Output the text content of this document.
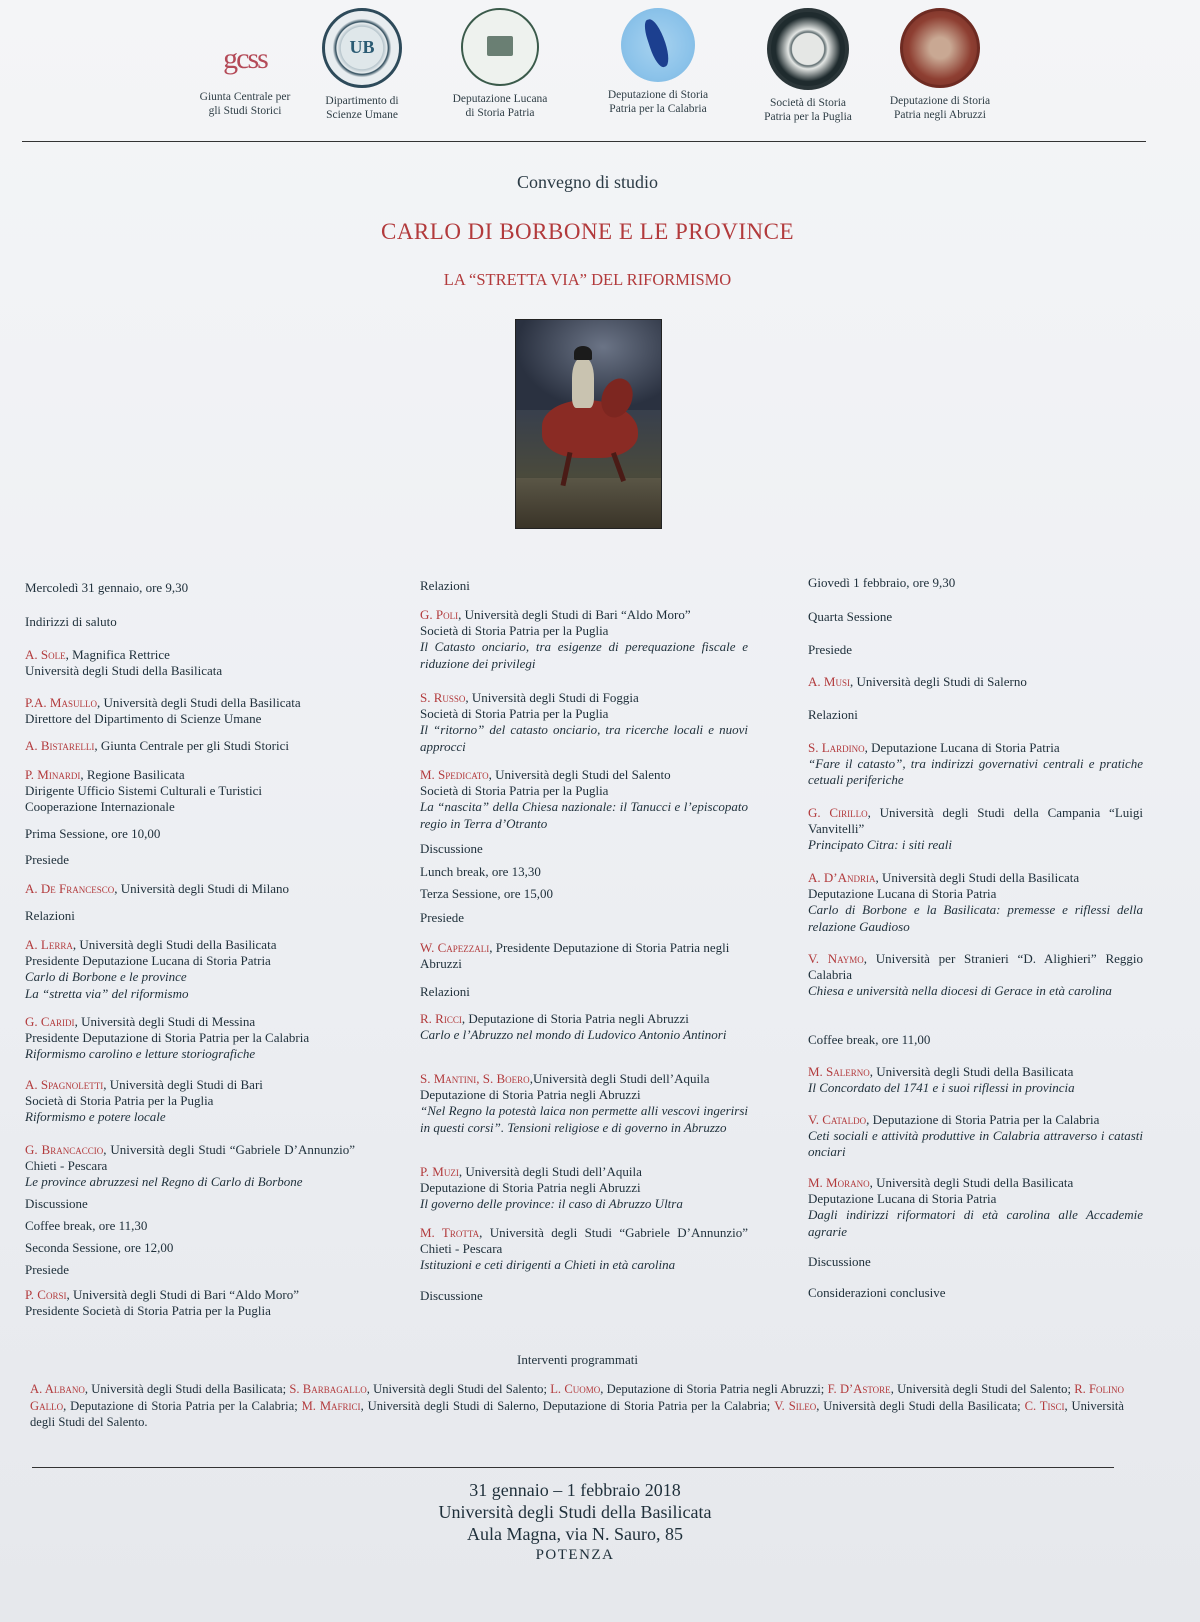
gcss
Giunta Centrale per
gli Studi Storici
UB
Dipartimento di
Scienze Umane
Deputazione Lucana
di Storia Patria
Deputazione di Storia
Patria per la Calabria	Società di Storia
Patria per la Puglia
Deputazione di Storia
Patria negli Abruzzi
Convegno di studio
CARLO DI BORBONE E LE PROVINCE
LA “STRETTA VIA” DEL RIFORMISMO

Mercoledì 31 gennaio, ore 9,30

Indirizzi di saluto

A. Sole, Magnifica Rettrice
Università degli Studi della Basilicata

P.A. Masullo, Università degli Studi della Basilicata
Direttore del Dipartimento di Scienze Umane

A. Bistarelli, Giunta Centrale per gli Studi Storici

P. Minardi, Regione Basilicata
Dirigente Ufficio Sistemi Culturali e Turistici
Cooperazione Internazionale

Prima Sessione, ore 10,00

Presiede

A. De Francesco, Università degli Studi di Milano

Relazioni

A. Lerra, Università degli Studi della Basilicata
Presidente Deputazione Lucana di Storia Patria
Carlo di Borbone e le province
La “stretta via” del riformismo

G. Caridi, Università degli Studi di Messina
Presidente Deputazione di Storia Patria per la Calabria
Riformismo carolino e letture storiografiche

A. Spagnoletti, Università degli Studi di Bari
Società di Storia Patria per la Puglia
Riformismo e potere locale

G. Brancaccio, Università degli Studi “Gabriele D’Annunzio” Chieti - Pescara
Le province abruzzesi nel Regno di Carlo di Borbone

Discussione

Coffee break, ore 11,30

Seconda Sessione, ore 12,00

Presiede

P. Corsi, Università degli Studi di Bari “Aldo Moro”
Presidente Società di Storia Patria per la Puglia

Relazioni

G. Poli, Università degli Studi di Bari “Aldo Moro”
Società di Storia Patria per la Puglia
Il Catasto onciario, tra esigenze di perequazione fiscale e riduzione dei privilegi

S. Russo, Università degli Studi di Foggia
Società di Storia Patria per la Puglia
Il “ritorno” del catasto onciario, tra ricerche locali e nuovi approcci

M. Spedicato, Università degli Studi del Salento
Società di Storia Patria per la Puglia
La “nascita” della Chiesa nazionale: il Tanucci e l’episcopato regio in Terra d’Otranto

Discussione

Lunch break, ore 13,30

Terza Sessione, ore 15,00

Presiede

W. Capezzali, Presidente Deputazione di Storia Patria negli Abruzzi

Relazioni

R. Ricci, Deputazione di Storia Patria negli Abruzzi
Carlo e l’Abruzzo nel mondo di Ludovico Antonio Antinori

S. Mantini, S. Boero,Università degli Studi dell’Aquila
Deputazione di Storia Patria negli Abruzzi
“Nel Regno la potestà laica non permette alli vescovi ingerirsi in questi corsi”. Tensioni religiose e di governo in Abruzzo

P. Muzi, Università degli Studi dell’Aquila
Deputazione di Storia Patria negli Abruzzi
Il governo delle province: il caso di Abruzzo Ultra

M. Trotta, Università degli Studi “Gabriele D’Annunzio” Chieti - Pescara
Istituzioni e ceti dirigenti a Chieti in età carolina

Discussione

Giovedì 1 febbraio, ore 9,30

Quarta Sessione

Presiede

A. Musi, Università degli Studi di Salerno

Relazioni

S. Lardino, Deputazione Lucana di Storia Patria
“Fare il catasto”, tra indirizzi governativi centrali e pratiche cetuali periferiche

G. Cirillo, Università degli Studi della Campania “Luigi Vanvitelli”
Principato Citra: i siti reali

A. D’Andria, Università degli Studi della Basilicata
Deputazione Lucana di Storia Patria
Carlo di Borbone e la Basilicata: premesse e riflessi della relazione Gaudioso

V. Naymo, Università per Stranieri “D. Alighieri” Reggio Calabria
Chiesa e università nella diocesi di Gerace in età carolina

Coffee break, ore 11,00

M. Salerno, Università degli Studi della Basilicata
Il Concordato del 1741 e i suoi riflessi in provincia

V. Cataldo, Deputazione di Storia Patria per la Calabria
Ceti sociali e attività produttive in Calabria attraverso i catasti onciari

M. Morano, Università degli Studi della Basilicata
Deputazione Lucana di Storia Patria
Dagli indirizzi riformatori di età carolina alle Accademie agrarie

Discussione

Considerazioni conclusive

Interventi programmati
A. Albano, Università degli Studi della Basilicata; S. Barbagallo, Università degli Studi del Salento; L. Cuomo, Deputazione di Storia Patria negli Abruzzi; F. D’Astore, Università degli Studi del Salento; R. Folino Gallo, Deputazione di Storia Patria per la Calabria; M. Mafrici, Università degli Studi di Salerno, Deputazione di Storia Patria per la Calabria; V. Sileo, Università degli Studi della Basilicata; C. Tisci, Università degli Studi del Salento.
31 gennaio – 1 febbraio 2018
Università degli Studi della Basilicata
Aula Magna, via N. Sauro, 85
POTENZA
